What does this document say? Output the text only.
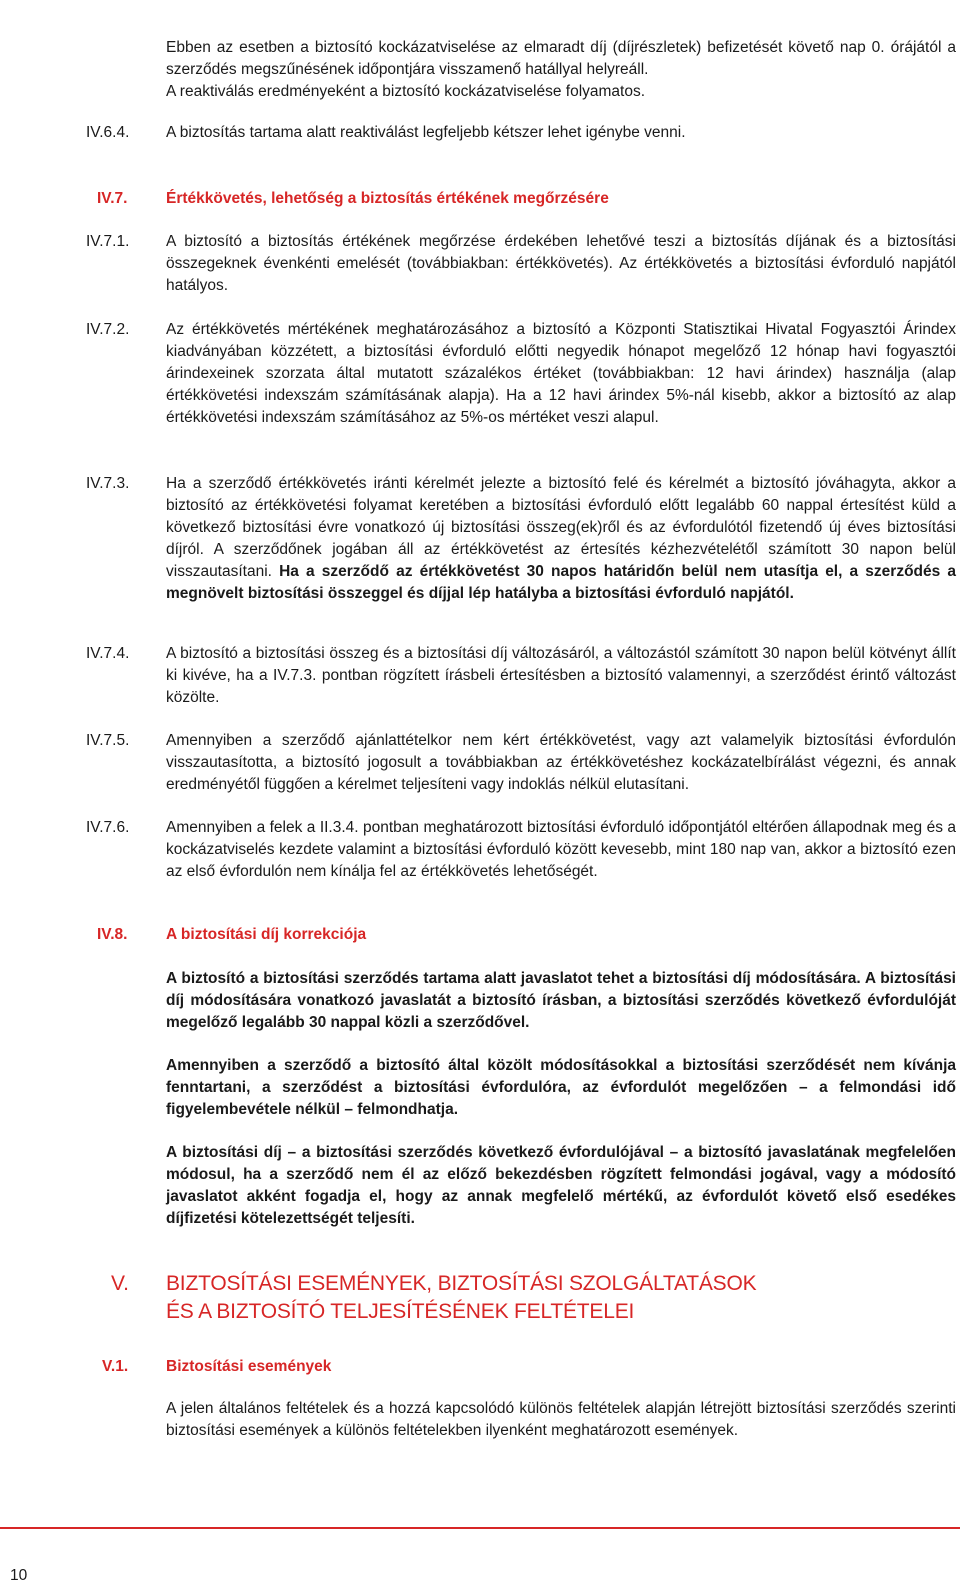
Ebben az esetben a biztosító kockázatviselése az elmaradt díj (díjrészletek) befizetését követő nap 0. órájától a szerződés megszűnésének időpontjára visszamenő hatállyal helyreáll.
A reaktiválás eredményeként a biztosító kockázatviselése folyamatos.
IV.6.4. A biztosítás tartama alatt reaktiválást legfeljebb kétszer lehet igénybe venni.
IV.7. Értékkövetés, lehetőség a biztosítás értékének megőrzésére
IV.7.1. A biztosító a biztosítás értékének megőrzése érdekében lehetővé teszi a biztosítás díjának és a biztosítási összegeknek évenkénti emelését (továbbiakban: értékkövetés). Az értékkövetés a biztosítási évforduló napjától hatályos.
IV.7.2. Az értékkövetés mértékének meghatározásához a biztosító a Központi Statisztikai Hivatal Fogyasztói Árindex kiadványában közzétett, a biztosítási évforduló előtti negyedik hónapot megelőző 12 hónap havi fogyasztói árindexeinek szorzata által mutatott százalékos értéket (továbbiakban: 12 havi árindex) használja (alap értékkövetési indexszám számításának alapja). Ha a 12 havi árindex 5%-nál kisebb, akkor a biztosító az alap értékkövetési indexszám számításához az 5%-os mértéket veszi alapul.
IV.7.3. Ha a szerződő értékkövetés iránti kérelmét jelezte a biztosító felé és kérelmét a biztosító jóváhagyta, akkor a biztosító az értékkövetési folyamat keretében a biztosítási évforduló előtt legalább 60 nappal értesítést küld a következő biztosítási évre vonatkozó új biztosítási összeg(ek)ről és az évfordulótól fizetendő új éves biztosítási díjról. A szerződőnek jogában áll az értékkövetést az értesítés kézhezvételétől számított 30 napon belül visszautasítani. Ha a szerződő az értékkövetést 30 napos határidőn belül nem utasítja el, a szerződés a megnövelt biztosítási összeggel és díjjal lép hatályba a biztosítási évforduló napjától.
IV.7.4. A biztosító a biztosítási összeg és a biztosítási díj változásáról, a változástól számított 30 napon belül kötvényt állít ki kivéve, ha a IV.7.3. pontban rögzített írásbeli értesítésben a biztosító valamennyi, a szerződést érintő változást közölte.
IV.7.5. Amennyiben a szerződő ajánlattételkor nem kért értékkövetést, vagy azt valamelyik biztosítási évfordulón visszautasította, a biztosító jogosult a továbbiakban az értékkövetéshez kockázatelbírálást végezni, és annak eredményétől függően a kérelmet teljesíteni vagy indoklás nélkül elutasítani.
IV.7.6. Amennyiben a felek a II.3.4. pontban meghatározott biztosítási évforduló időpontjától eltérően állapodnak meg és a kockázatviselés kezdete valamint a biztosítási évforduló között kevesebb, mint 180 nap van, akkor a biztosító ezen az első évfordulón nem kínálja fel az értékkövetés lehetőségét.
IV.8. A biztosítási díj korrekciója
A biztosító a biztosítási szerződés tartama alatt javaslatot tehet a biztosítási díj módosítására. A biztosítási díj módosítására vonatkozó javaslatát a biztosító írásban, a biztosítási szerződés következő évfordulóját megelőző legalább 30 nappal közli a szerződővel.
Amennyiben a szerződő a biztosító által közölt módosításokkal a biztosítási szerződését nem kívánja fenntartani, a szerződést a biztosítási évfordulóra, az évfordulót megelőzően – a felmondási idő figyelembevétele nélkül – felmondhatja.
A biztosítási díj – a biztosítási szerződés következő évfordulójával – a biztosító javaslatának megfelelően módosul, ha a szerződő nem él az előző bekezdésben rögzített felmondási jogával, vagy a módosító javaslatot akként fogadja el, hogy az annak megfelelő mértékű, az évfordulót követő első esedékes díjfizetési kötelezettségét teljesíti.
V. BIZTOSÍTÁSI ESEMÉNYEK, BIZTOSÍTÁSI SZOLGÁLTATÁSOK
ÉS A BIZTOSÍTÓ TELJESÍTÉSÉNEK FELTÉTELEI
V.1. Biztosítási események
A jelen általános feltételek és a hozzá kapcsolódó különös feltételek alapján létrejött biztosítási szerződés szerinti biztosítási események a különös feltételekben ilyenként meghatározott események.
10
